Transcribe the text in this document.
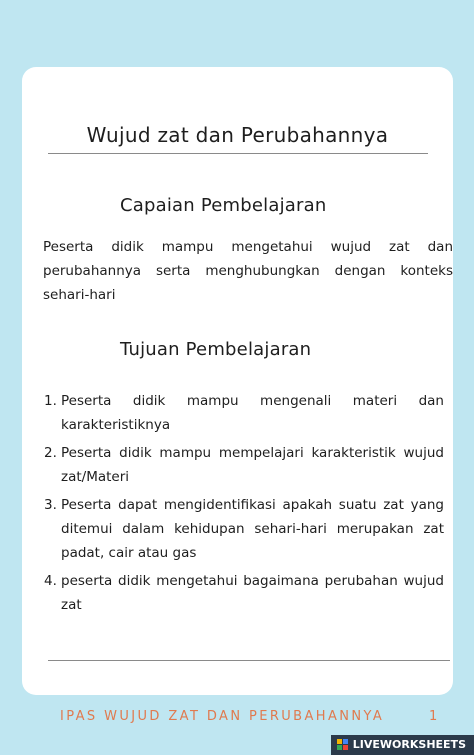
Wujud zat dan Perubahannya
Capaian Pembelajaran
Peserta didik mampu mengetahui wujud zat dan perubahannya serta menghubungkan dengan konteks sehari-hari
Tujuan Pembelajaran
1. Peserta didik mampu mengenali materi dan karakteristiknya
2. Peserta didik mampu mempelajari karakteristik wujud zat/Materi
3. Peserta dapat mengidentifikasi apakah suatu zat yang ditemui dalam kehidupan sehari-hari merupakan zat padat, cair atau gas
4. peserta didik mengetahui bagaimana perubahan wujud zat
IPAS WUJUD ZAT DAN PERUBAHANNYA	1
LIVEWORKSHEETS
